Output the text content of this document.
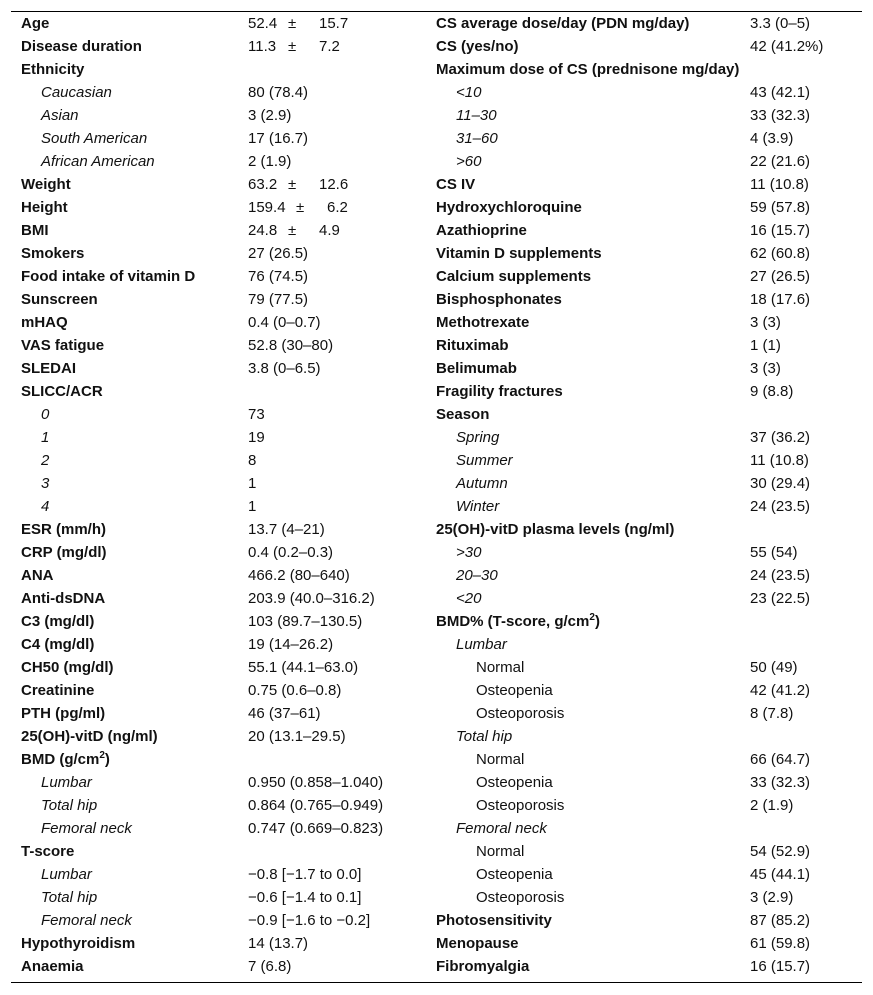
Age	52.4 ± 15.7
Disease duration	11.3 ± 7.2
Ethnicity
Caucasian	80 (78.4)
Asian	3 (2.9)
South American	17 (16.7)
African American	2 (1.9)
Weight	63.2 ± 12.6
Height	159.4 ± 6.2
BMI	24.8 ± 4.9
Smokers	27 (26.5)
Food intake of vitamin D	76 (74.5)
Sunscreen	79 (77.5)
mHAQ	0.4 (0–0.7)
VAS fatigue	52.8 (30–80)
SLEDAI	3.8 (0–6.5)
SLICC/ACR
0	73
1	19
2	8
3	1
4	1
ESR (mm/h)	13.7 (4–21)
CRP (mg/dl)	0.4 (0.2–0.3)
ANA	466.2 (80–640)
Anti-dsDNA	203.9 (40.0–316.2)
C3 (mg/dl)	103 (89.7–130.5)
C4 (mg/dl)	19 (14–26.2)
CH50 (mg/dl)	55.1 (44.1–63.0)
Creatinine	0.75 (0.6–0.8)
PTH (pg/ml)	46 (37–61)
25(OH)-vitD (ng/ml)	20 (13.1–29.5)
BMD $(g/cm^2)$
Lumbar	0.950 (0.858–1.040)
Total hip	0.864 (0.765–0.949)
Femoral neck	0.747 (0.669–0.823)
T-score
Lumbar	−0.8 [−1.7 to 0.0]
Total hip	−0.6 [−1.4 to 0.1]
Femoral neck	−0.9 [−1.6 to −0.2]
Hypothyroidism	14 (13.7)
Anaemia	7 (6.8)
CS average dose/day (PDN mg/day)	3.3 (0–5)
CS (yes/no)	42 (41.2%)
Maximum dose of CS (prednisone mg/day)
<10	43 (42.1)
11–30	33 (32.3)
31–60	4 (3.9)
>60	22 (21.6)
CS IV	11 (10.8)
Hydroxychloroquine	59 (57.8)
Azathioprine	16 (15.7)
Vitamin D supplements	62 (60.8)
Calcium supplements	27 (26.5)
Bisphosphonates	18 (17.6)
Methotrexate	3 (3)
Rituximab	1 (1)
Belimumab	3 (3)
Fragility fractures	9 (8.8)
Season
Spring	37 (36.2)
Summer	11 (10.8)
Autumn	30 (29.4)
Winter	24 (23.5)
25(OH)-vitD plasma levels (ng/ml)
>30	55 (54)
20–30	24 (23.5)
<20	23 (22.5)
BMD% (T-score, $g/cm^2$)
Lumbar
Normal	50 (49)
Osteopenia	42 (41.2)
Osteoporosis	8 (7.8)
Total hip
Normal	66 (64.7)
Osteopenia	33 (32.3)
Osteoporosis	2 (1.9)
Femoral neck
Normal	54 (52.9)
Osteopenia	45 (44.1)
Osteoporosis	3 (2.9)
Photosensitivity	87 (85.2)
Menopause	61 (59.8)
Fibromyalgia	16 (15.7)
